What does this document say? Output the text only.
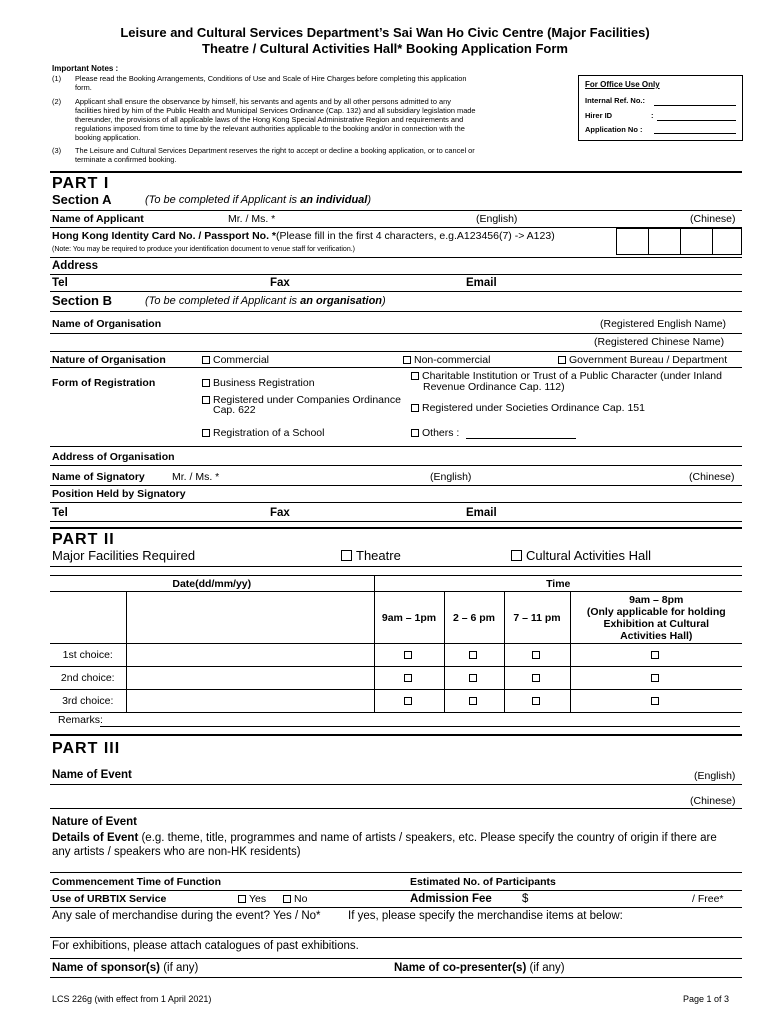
Leisure and Cultural Services Department’s Sai Wan Ho Civic Centre (Major Facilities)
Theatre / Cultural Activities Hall* Booking Application Form
Important Notes :
(1) Please read the Booking Arrangements, Conditions of Use and Scale of Hire Charges before completing this application
form.
(2) Applicant shall ensure the observance by himself, his servants and agents and by all other persons admitted to any
facilities hired by him of the Public Health and Municipal Services Ordinance (Cap. 132) and all subsidiary legislation made
thereunder, the provisions of all applicable laws of the Hong Kong Special Administrative Region and requirements and
regulations imposed from time to time by the relevant authorities applicable to the booking and/or in connection with the
booking application.
(3) The Leisure and Cultural Services Department reserves the right to accept or decline a booking application, or to cancel or
terminate a confirmed booking.
For Office Use Only
Internal Ref. No.:
Hirer ID	:
Application No :
PART I
Section A	(To be completed if Applicant is an individual)
Name of Applicant	Mr. / Ms. *	(English)	(Chinese)
Hong Kong Identity Card No. / Passport No. *(Please fill in the first 4 characters, e.g.A123456(7) -> A123)
(Note: You may be required to produce your identification document to venue staff for verification.)
Address
Tel	Fax	Email
Section B	(To be completed if Applicant is an organisation)
Name of Organisation	(Registered English Name)
(Registered Chinese Name)
Nature of Organisation	Commercial	Non-commercial	Government Bureau / Department
Form of Registration	Business Registration
Charitable Institution or Trust of a Public Character (under Inland
Revenue Ordinance Cap. 112)
Registered under Companies Ordinance
Cap. 622	Registered under Societies Ordinance Cap. 151
Registration of a School	Others :
Address of Organisation
Name of Signatory	Mr. / Ms. *	(English)	(Chinese)
Position Held by Signatory
Tel	Fax	Email
PART II
Major Facilities Required	Theatre	Cultural Activities Hall
Date(dd/mm/yy)		Time			
		9am – 1pm	2 – 6 pm	7 – 11 pm	9am – 8pm
(Only applicable for holding
Exhibition at Cultural
Activities Hall)

1st choice:					
2nd choice:					
3rd choice:					
Remarks:
PART III
Name of Event	(English)
(Chinese)
Nature of Event
Details of Event (e.g. theme, title, programmes and name of artists / speakers, etc. Please specify the country of origin if there are
any artists / speakers who are non-HK residents)
Commencement Time of Function	Estimated No. of Participants
Use of URBTIX Service	Yes	No	Admission Fee	$	/ Free*
Any sale of merchandise during the event? Yes / No* If yes, please specify the merchandise items at below:
For exhibitions, please attach catalogues of past exhibitions.
Name of sponsor(s) (if any)	Name of co-presenter(s) (if any)
LCS 226g (with effect from 1 April 2021)	Page 1 of 3
